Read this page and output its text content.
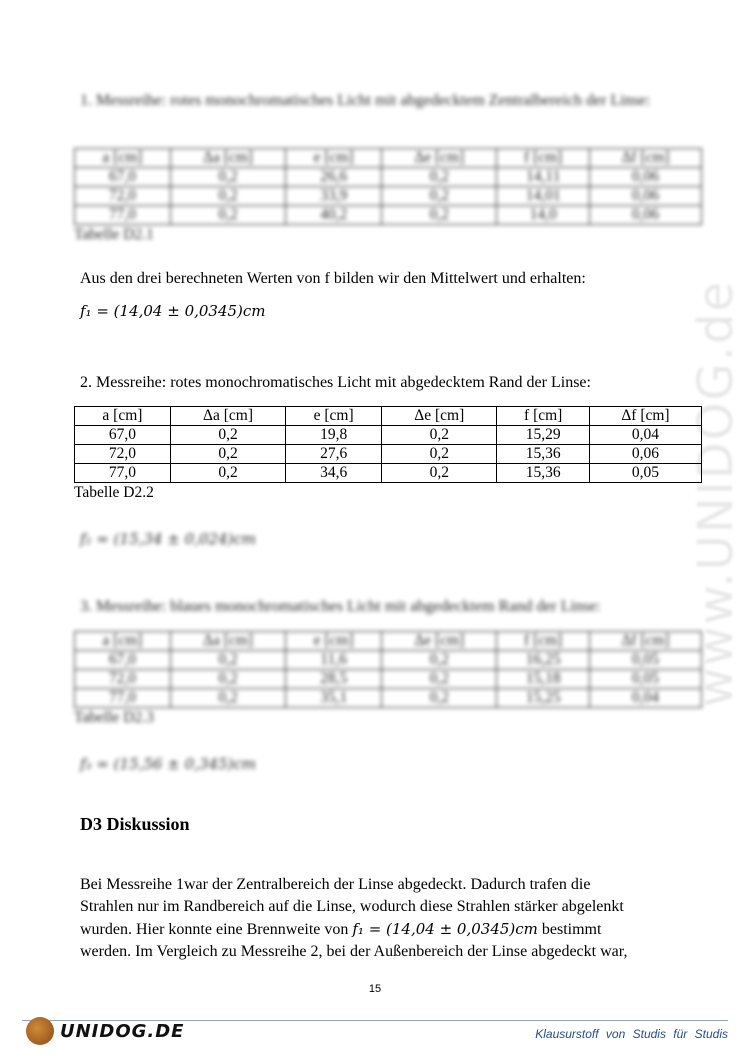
www.UNIDOG.de
1. Messreihe: rotes monochromatisches Licht mit abgedecktem Zentralbereich der Linse:
a [cm]	Δa [cm]	e [cm]	Δe [cm]	f [cm]	Δf [cm]
67,0	0,2	26,6	0,2	14,11	0,06
72,0	0,2	33,9	0,2	14,01	0,06
77,0	0,2	40,2	0,2	14,0	0,06
Tabelle D2.1
Aus den drei berechneten Werten von f bilden wir den Mittelwert und erhalten:
f₁ = (14,04 ± 0,0345)cm
2. Messreihe: rotes monochromatisches Licht mit abgedecktem Rand der Linse:
a [cm]	Δa [cm]	e [cm]	Δe [cm]	f [cm]	Δf [cm]
67,0	0,2	19,8	0,2	15,29	0,04
72,0	0,2	27,6	0,2	15,36	0,06
77,0	0,2	34,6	0,2	15,36	0,05
Tabelle D2.2
f₂ = (15,34 ± 0,024)cm
3. Messreihe: blaues monochromatisches Licht mit abgedecktem Rand der Linse:
a [cm]	Δa [cm]	e [cm]	Δe [cm]	f [cm]	Δf [cm]
67,0	0,2	11,6	0,2	16,25	0,05
72,0	0,2	28,5	0,2	15,18	0,05
77,0	0,2	35,1	0,2	15,25	0,04
Tabelle D2.3
f₃ = (15,56 ± 0,345)cm
D3 Diskussion
Bei Messreihe 1war der Zentralbereich der Linse abgedeckt. Dadurch trafen die
Strahlen nur im Randbereich auf die Linse, wodurch diese Strahlen stärker abgelenkt
wurden. Hier konnte eine Brennweite von f₁ = (14,04 ± 0,0345)cm bestimmt
werden. Im Vergleich zu Messreihe 2, bei der Außenbereich der Linse abgedeckt war,
15
UNIDOG.DE	Klausurstoff von Studis für Studis
